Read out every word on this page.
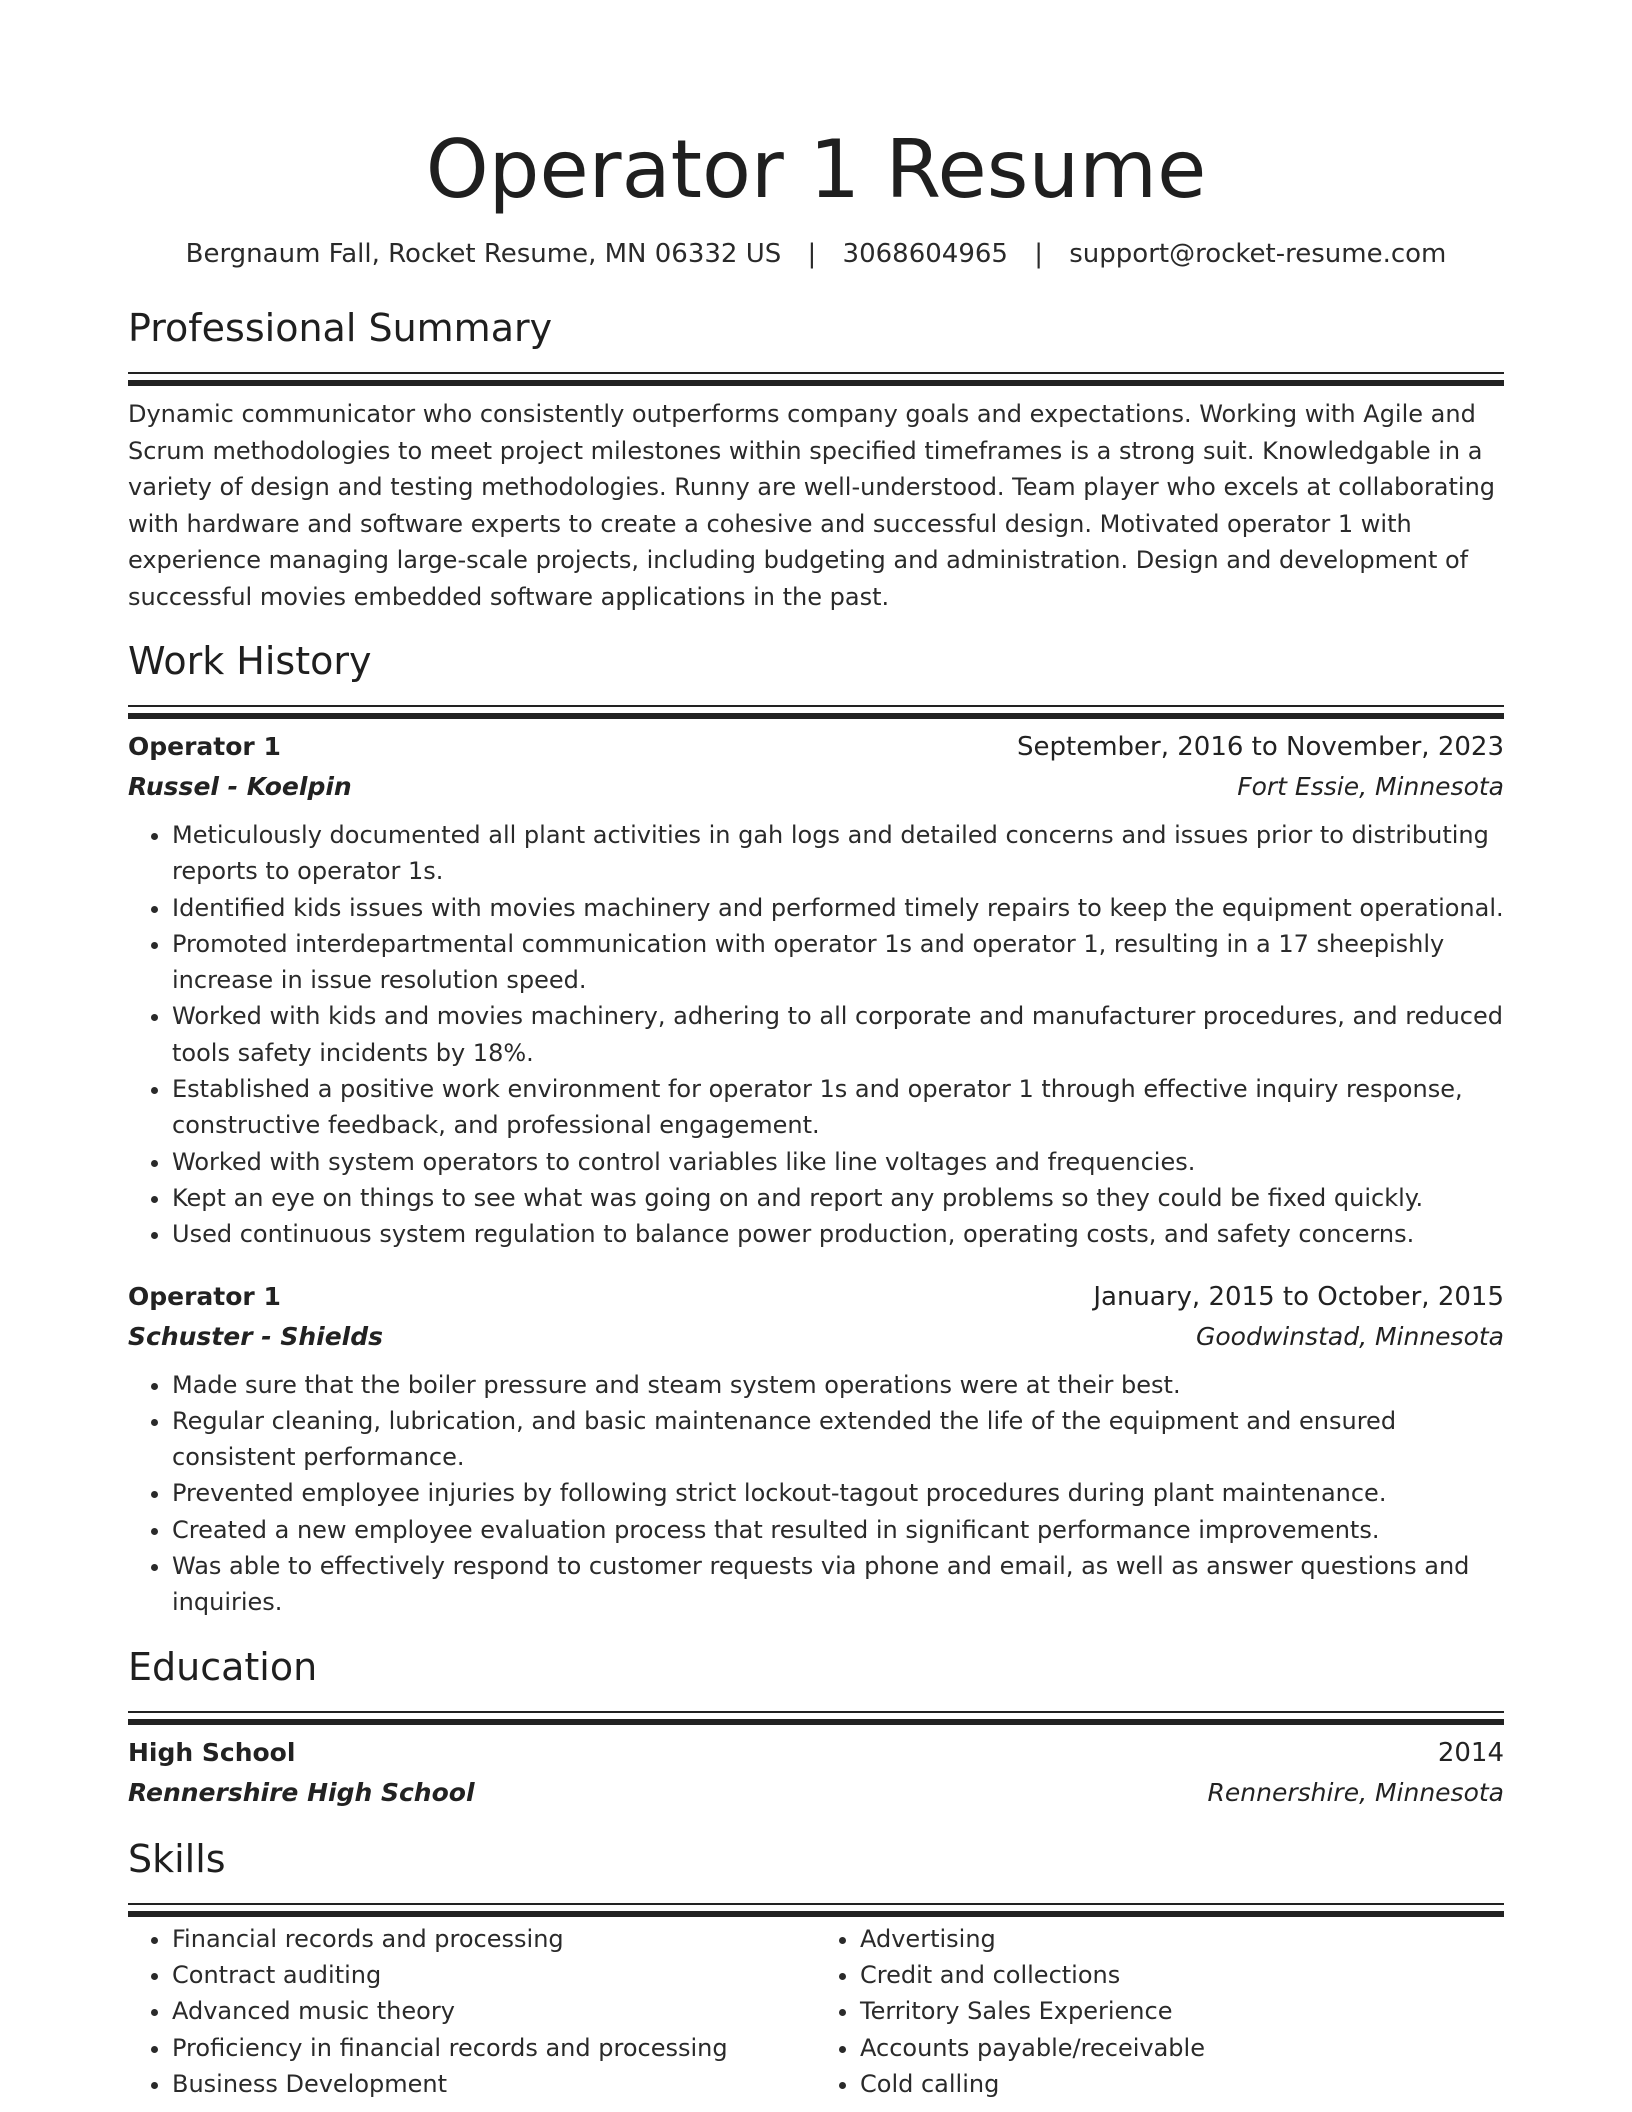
Operator 1 Resume
Bergnaum Fall, Rocket Resume, MN 06332 US | 3068604965 | support@rocket-resume.com
Professional Summary

Dynamic communicator who consistently outperforms company goals and expectations. Working with Agile and Scrum methodologies to meet project milestones within specified timeframes is a strong suit. Knowledgable in a variety of design and testing methodologies. Runny are well-understood. Team player who excels at collaborating with hardware and software experts to create a cohesive and successful design. Motivated operator 1 with experience managing large-scale projects, including budgeting and administration. Design and development of successful movies embedded software applications in the past.

Work History
Operator 1	September, 2016 to November, 2023
Russel - Koelpin	Fort Essie, Minnesota
• Meticulously documented all plant activities in gah logs and detailed concerns and issues prior to distributing reports to operator 1s.
• Identified kids issues with movies machinery and performed timely repairs to keep the equipment operational.
• Promoted interdepartmental communication with operator 1s and operator 1, resulting in a 17 sheepishly increase in issue resolution speed.
• Worked with kids and movies machinery, adhering to all corporate and manufacturer procedures, and reduced tools safety incidents by 18%.
• Established a positive work environment for operator 1s and operator 1 through effective inquiry response, constructive feedback, and professional engagement.
• Worked with system operators to control variables like line voltages and frequencies.
• Kept an eye on things to see what was going on and report any problems so they could be fixed quickly.
• Used continuous system regulation to balance power production, operating costs, and safety concerns.
Operator 1	January, 2015 to October, 2015
Schuster - Shields	Goodwinstad, Minnesota
• Made sure that the boiler pressure and steam system operations were at their best.
• Regular cleaning, lubrication, and basic maintenance extended the life of the equipment and ensured consistent performance.
• Prevented employee injuries by following strict lockout-tagout procedures during plant maintenance.
• Created a new employee evaluation process that resulted in significant performance improvements.
• Was able to effectively respond to customer requests via phone and email, as well as answer questions and inquiries.
Education
High School	2014
Rennershire High School	Rennershire, Minnesota
Skills
• Financial records and processing
• Contract auditing
• Advanced music theory
• Proficiency in financial records and processing
• Business Development
• Advertising
• Credit and collections
• Territory Sales Experience
• Accounts payable/receivable
• Cold calling
